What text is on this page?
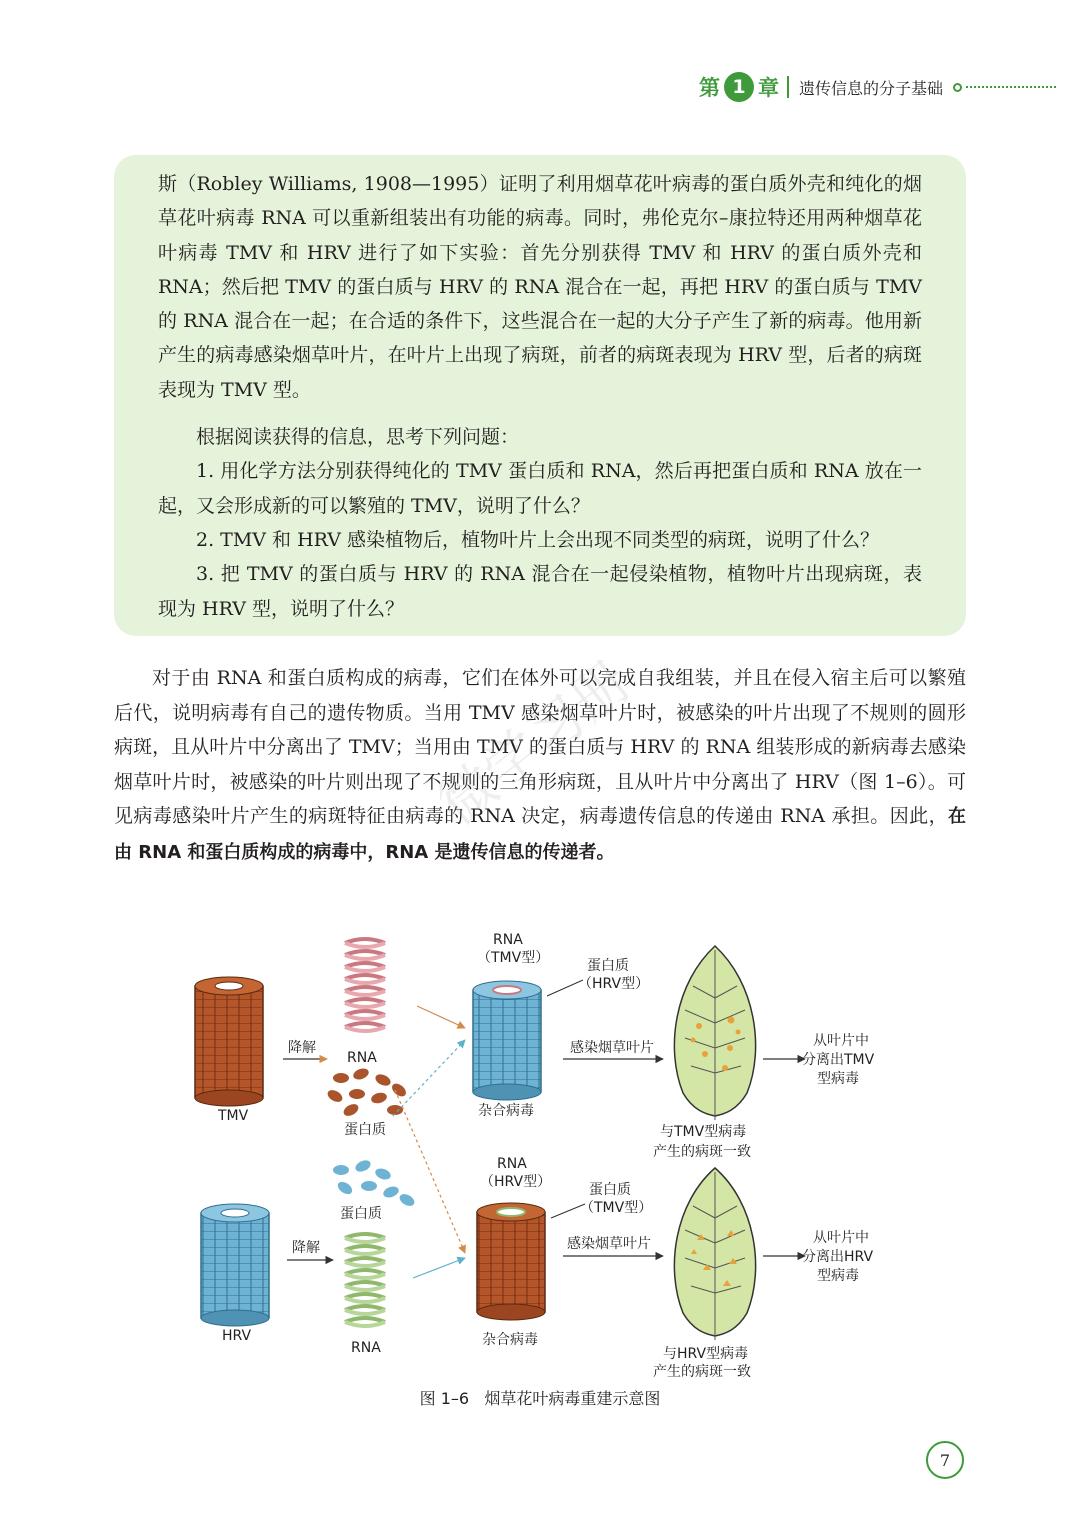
第 1 章 遗传信息的分子基础

斯（Robley Williams, 1908—1995）证明了利用烟草花叶病毒的蛋白质外壳和纯化的烟草花叶病毒 RNA 可以重新组装出有功能的病毒。同时，弗伦克尔–康拉特还用两种烟草花叶病毒 TMV 和 HRV 进行了如下实验：首先分别获得 TMV 和 HRV 的蛋白质外壳和 RNA；然后把 TMV 的蛋白质与 HRV 的 RNA 混合在一起，再把 HRV 的蛋白质与 TMV 的 RNA 混合在一起；在合适的条件下，这些混合在一起的大分子产生了新的病毒。他用新产生的病毒感染烟草叶片，在叶片上出现了病斑，前者的病斑表现为 HRV 型，后者的病斑表现为 TMV 型。

根据阅读获得的信息，思考下列问题：

1. 用化学方法分别获得纯化的 TMV 蛋白质和 RNA，然后再把蛋白质和 RNA 放在一起，又会形成新的可以繁殖的 TMV，说明了什么？

2. TMV 和 HRV 感染植物后，植物叶片上会出现不同类型的病斑，说明了什么？

3. 把 TMV 的蛋白质与 HRV 的 RNA 混合在一起侵染植物，植物叶片出现病斑，表现为 HRV 型，说明了什么？

对于由 RNA 和蛋白质构成的病毒，它们在体外可以完成自我组装，并且在侵入宿主后可以繁殖后代，说明病毒有自己的遗传物质。当用 TMV 感染烟草叶片时，被感染的叶片出现了不规则的圆形病斑，且从叶片中分离出了 TMV；当用由 TMV 的蛋白质与 HRV 的 RNA 组装形成的新病毒去感染烟草叶片时，被感染的叶片则出现了不规则的三角形病斑，且从叶片中分离出了 HRV（图 1–6）。可见病毒感染叶片产生的病斑特征由病毒的 RNA 决定，病毒遗传信息的传递由 RNA 承担。因此，在由 RNA 和蛋白质构成的病毒中，RNA 是遗传信息的传递者。

微学习册
TMV
降解
RNA
蛋白质
RNA
（TMV型）	蛋白质
（HRV型）
杂合病毒
感染烟草叶片
与TMV型病毒
产生的病斑一致
从叶片中
分离出TMV
型病毒
蛋白质
HRV
降解
RNA
RNA
（HRV型）	蛋白质
（TMV型）
杂合病毒
感染烟草叶片
与HRV型病毒
产生的病斑一致
从叶片中
分离出HRV
型病毒
图 1–6 烟草花叶病毒重建示意图
7
